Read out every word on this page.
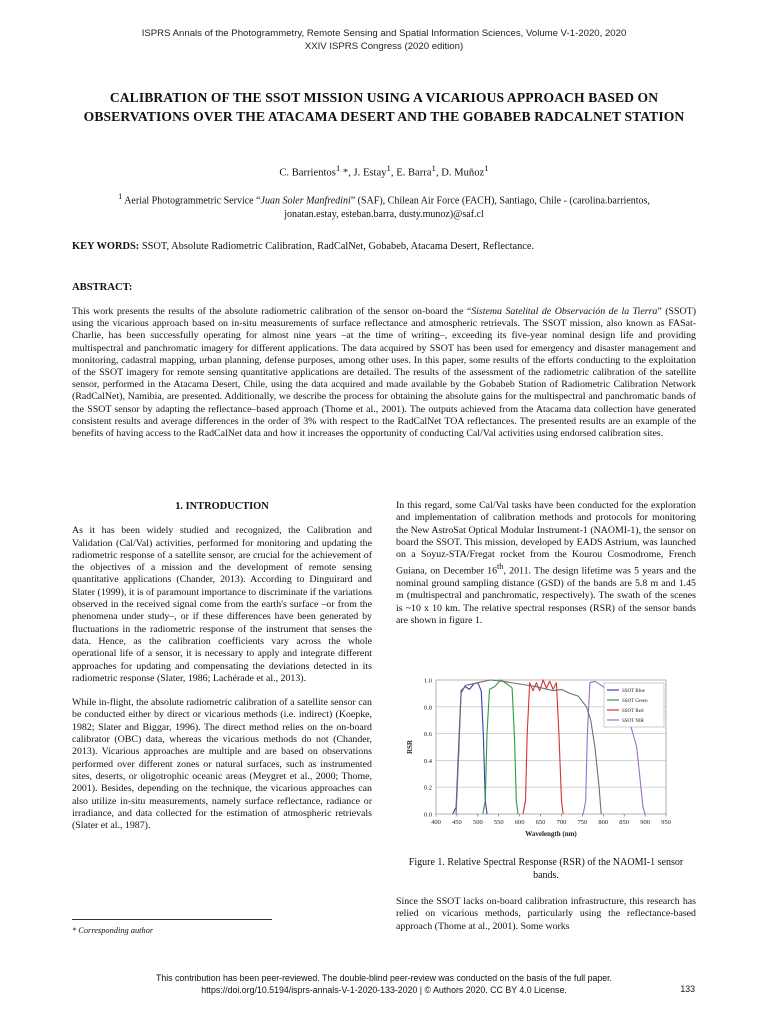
ISPRS Annals of the Photogrammetry, Remote Sensing and Spatial Information Sciences, Volume V-1-2020, 2020
XXIV ISPRS Congress (2020 edition)
CALIBRATION OF THE SSOT MISSION USING A VICARIOUS APPROACH BASED ON OBSERVATIONS OVER THE ATACAMA DESERT AND THE GOBABEB RADCALNET STATION
C. Barrientos$^1$ *, J. Estay$^1$, E. Barra$^1$, D. Muñoz$^1$
$^1$ Aerial Photogrammetric Service “Juan Soler Manfredini” (SAF), Chilean Air Force (FACH), Santiago, Chile - (carolina.barrientos,
jonatan.estay, esteban.barra, dusty.munoz)@saf.cl
KEY WORDS: SSOT, Absolute Radiometric Calibration, RadCalNet, Gobabeb, Atacama Desert, Reflectance.
ABSTRACT:

This work presents the results of the absolute radiometric calibration of the sensor on-board the “Sistema Satelital de Observación de la Tierra” (SSOT) using the vicarious approach based on in-situ measurements of surface reflectance and atmospheric retrievals. The SSOT mission, also known as FASat-Charlie, has been successfully operating for almost nine years –at the time of writing–, exceeding its five-year nominal design life and providing multispectral and panchromatic imagery for different applications. The data acquired by SSOT has been used for emergency and disaster management and monitoring, cadastral mapping, urban planning, defense purposes, among other uses. In this paper, some results of the efforts conducting to the exploitation of the SSOT imagery for remote sensing quantitative applications are detailed. The results of the assessment of the radiometric calibration of the satellite sensor, performed in the Atacama Desert, Chile, using the data acquired and made available by the Gobabeb Station of Radiometric Calibration Network (RadCalNet), Namibia, are presented. Additionally, we describe the process for obtaining the absolute gains for the multispectral and panchromatic bands of the SSOT sensor by adapting the reflectance–based approach (Thome et al., 2001). The outputs achieved from the Atacama data collection have generated consistent results and average differences in the order of 3% with respect to the RadCalNet TOA reflectances. The presented results are an example of the benefits of having access to the RadCalNet data and how it increases the opportunity of conducting Cal/Val activities using endorsed calibration sites.

1. INTRODUCTION

As it has been widely studied and recognized, the Calibration and Validation (Cal/Val) activities, performed for monitoring and updating the radiometric response of a satellite sensor, are crucial for the achievement of the objectives of a mission and the development of remote sensing quantitative applications (Chander, 2013). According to Dinguirard and Slater (1999), it is of paramount importance to discriminate if the variations observed in the received signal come from the earth's surface –or from the phenomena under study–, or if these differences have been generated by fluctuations in the radiometric response of the instrument that senses the data. Hence, as the calibration coefficients vary across the whole operational life of a sensor, it is necessary to apply and integrate different approaches for updating and compensating the deviations detected in its radiometric response (Slater, 1986; Lachérade et al., 2013).

While in-flight, the absolute radiometric calibration of a satellite sensor can be conducted either by direct or vicarious methods (i.e. indirect) (Koepke, 1982; Slater and Biggar, 1996). The direct method relies on the on-board calibrator (OBC) data, whereas the vicarious methods do not (Chander, 2013). Vicarious approaches are multiple and are based on observations performed over different zones or natural surfaces, such as instrumented sites, deserts, or oligotrophic oceanic areas (Meygret et al., 2000; Thome, 2001). Besides, depending on the technique, the vicarious approaches can also utilize in-situ measurements, namely surface reflectance, radiance or irradiance, and data collected for the estimation of atmospheric retrievals (Slater et al., 1987).

* Corresponding author

In this regard, some Cal/Val tasks have been conducted for the exploration and implementation of calibration methods and protocols for monitoring the New AstroSat Optical Modular Instrument-1 (NAOMI-1), the sensor on board the SSOT. This mission, developed by EADS Astrium, was launched on a Soyuz-STA/Fregat rocket from the Kourou Cosmodrome, French Guiana, on December 16th, 2011. The design lifetime was 5 years and the nominal ground sampling distance (GSD) of the bands are 5.8 m and 1.45 m (multispectral and panchromatic, respectively). The swath of the scenes is ~10 x 10 km. The relative spectral responses (RSR) of the sensor bands are shown in figure 1.

0.0
0.2
0.4
0.6
0.8
1.0
400 450 500 550 600 650 700 750 800 850 900 950
Wavelength (nm)
RSR
SSOT Blue
SSOT Green
SSOT Red
SSOT NIR
Figure 1. Relative Spectral Response (RSR) of the NAOMI-1 sensor bands.

Since the SSOT lacks on-board calibration infrastructure, this research has relied on vicarious methods, particularly using the reflectance-based approach (Thome at al., 2001). Some works

This contribution has been peer-reviewed. The double-blind peer-review was conducted on the basis of the full paper.
https://doi.org/10.5194/isprs-annals-V-1-2020-133-2020 | © Authors 2020. CC BY 4.0 License.	133
